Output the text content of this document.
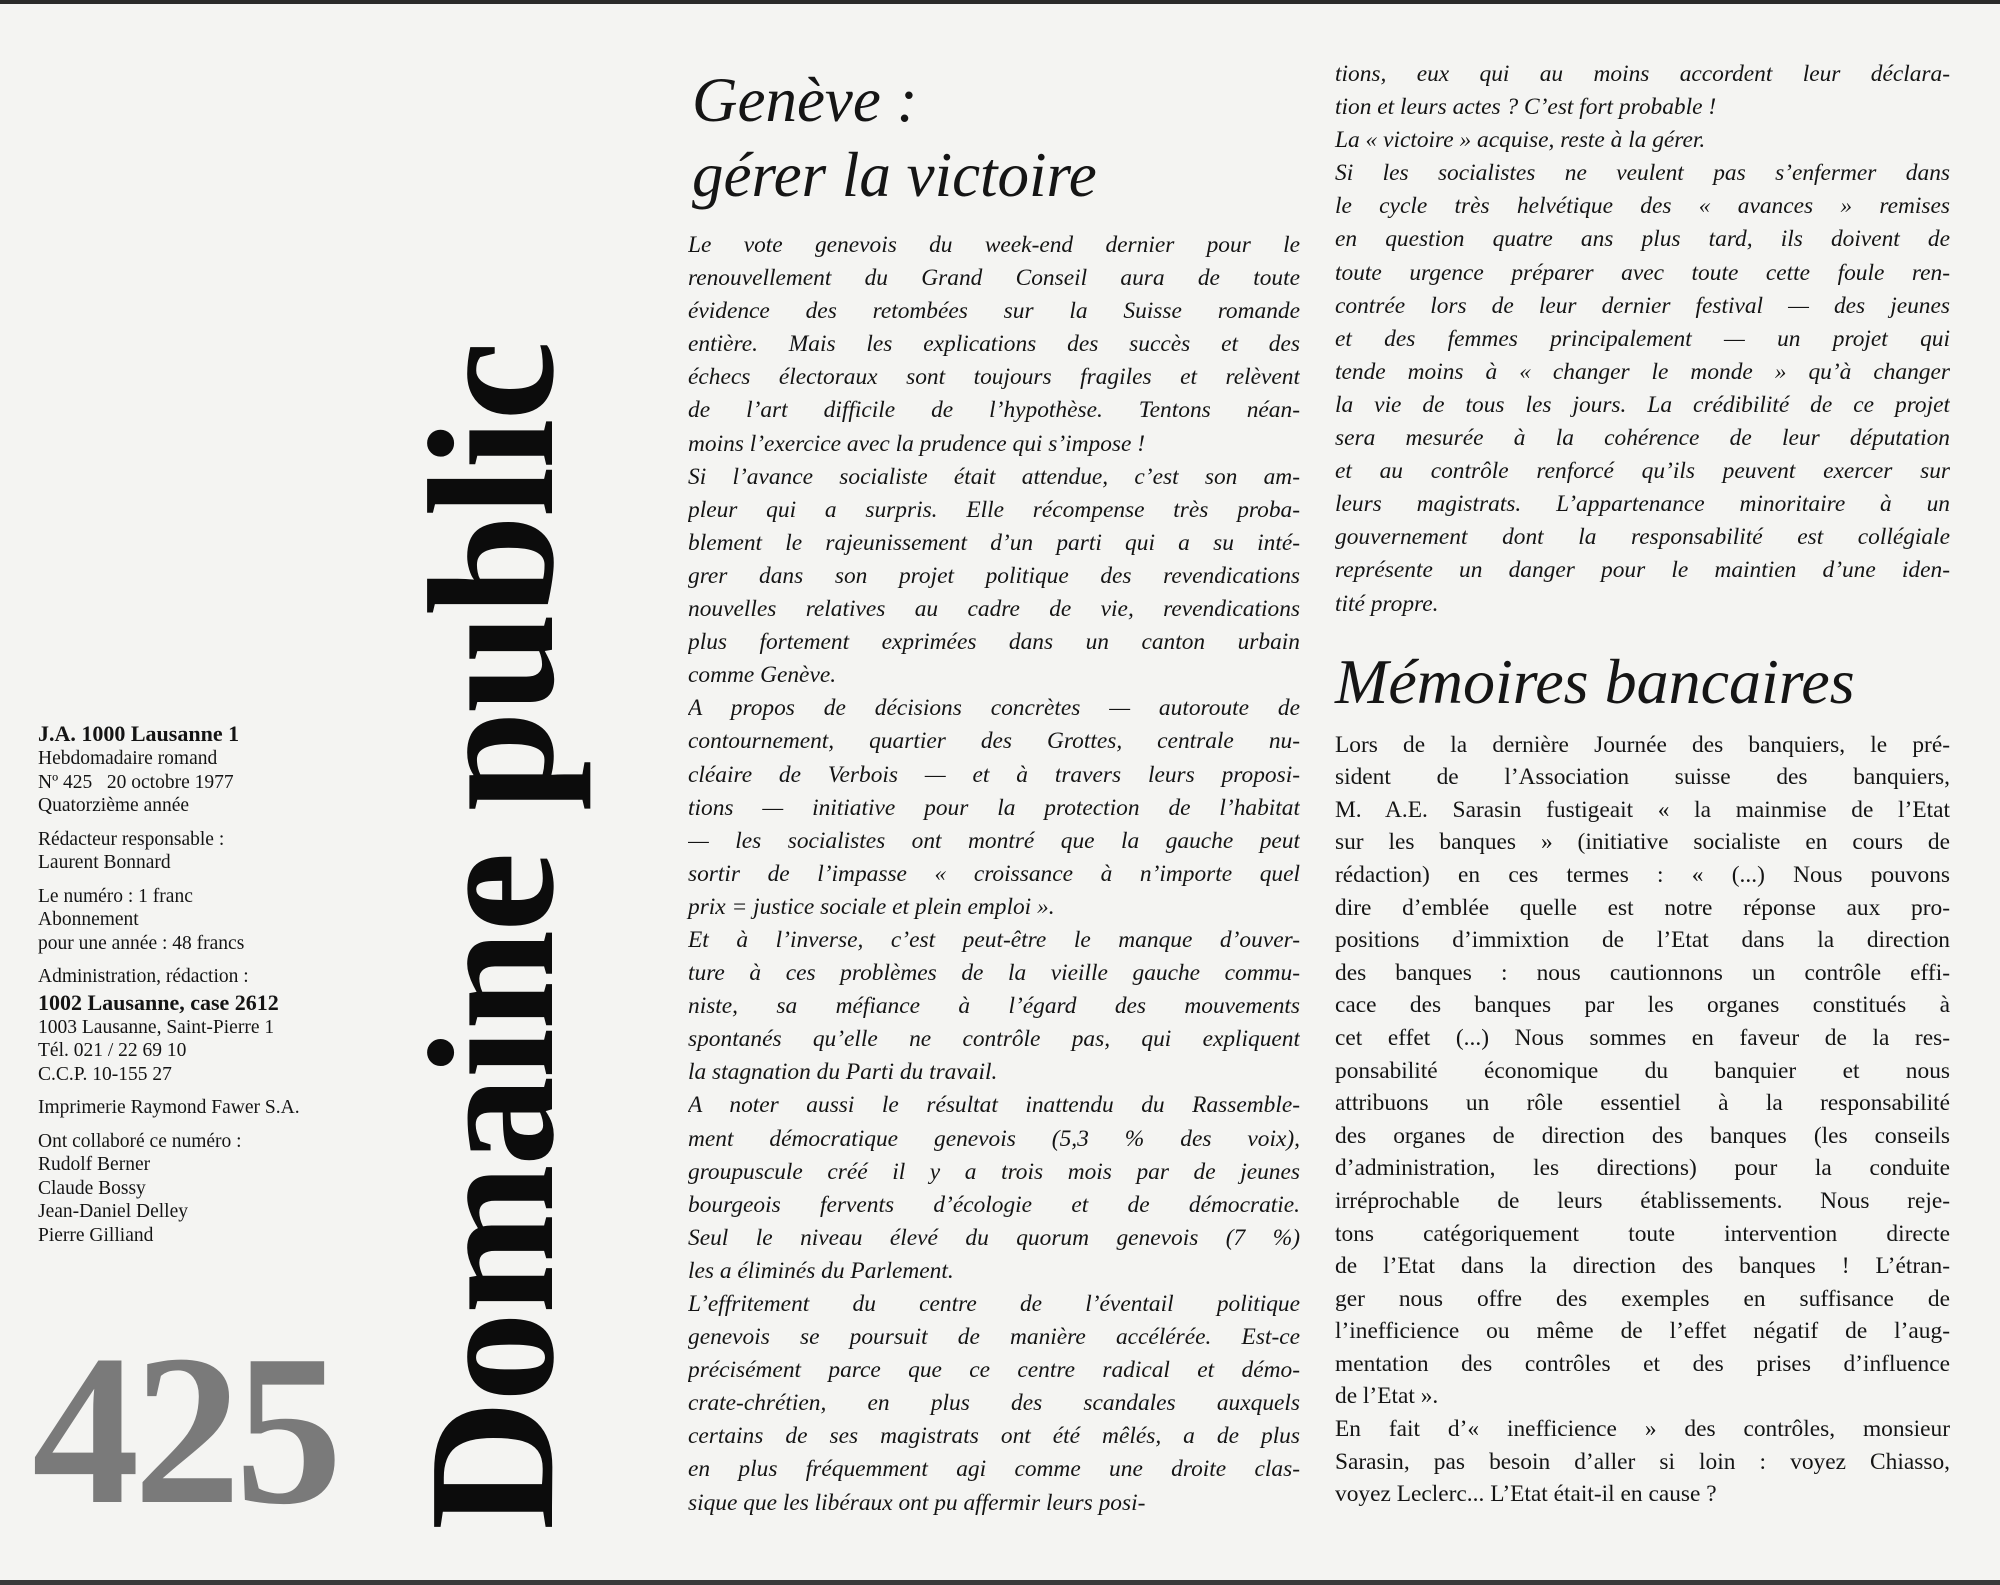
J.A. 1000 Lausanne 1
Hebdomadaire romand
Nº 425   20 octobre 1977
Quatorzième année
Rédacteur responsable :
Laurent Bonnard
Le numéro : 1 franc
Abonnement
pour une année : 48 francs
Administration, rédaction :
1002 Lausanne, case 2612
1003 Lausanne, Saint-Pierre 1
Tél. 021 / 22 69 10
C.C.P. 10-155 27
Imprimerie Raymond Fawer S.A.
Ont collaboré ce numéro :
Rudolf Berner
Claude Bossy
Jean-Daniel Delley
Pierre Gilliand
425 Domaine public
Genève :
gérer la victoire
Le vote genevois du week-end dernier pour le
renouvellement du Grand Conseil aura de toute
évidence des retombées sur la Suisse romande
entière. Mais les explications des succès et des
échecs électoraux sont toujours fragiles et relèvent
de l’art difficile de l’hypothèse. Tentons néan-
moins l’exercice avec la prudence qui s’impose !
Si l’avance socialiste était attendue, c’est son am-
pleur qui a surpris. Elle récompense très proba-
blement le rajeunissement d’un parti qui a su inté-
grer dans son projet politique des revendications
nouvelles relatives au cadre de vie, revendications
plus fortement exprimées dans un canton urbain
comme Genève.
A propos de décisions concrètes — autoroute de
contournement, quartier des Grottes, centrale nu-
cléaire de Verbois — et à travers leurs proposi-
tions — initiative pour la protection de l’habitat
— les socialistes ont montré que la gauche peut
sortir de l’impasse « croissance à n’importe quel
prix = justice sociale et plein emploi ».
Et à l’inverse, c’est peut-être le manque d’ouver-
ture à ces problèmes de la vieille gauche commu-
niste, sa méfiance à l’égard des mouvements
spontanés qu’elle ne contrôle pas, qui expliquent
la stagnation du Parti du travail.
A noter aussi le résultat inattendu du Rassemble-
ment démocratique genevois (5,3 % des voix),
groupuscule créé il y a trois mois par de jeunes
bourgeois fervents d’écologie et de démocratie.
Seul le niveau élevé du quorum genevois (7 %)
les a éliminés du Parlement.
L’effritement du centre de l’éventail politique
genevois se poursuit de manière accélérée. Est-ce
précisément parce que ce centre radical et démo-
crate-chrétien, en plus des scandales auxquels
certains de ses magistrats ont été mêlés, a de plus
en plus fréquemment agi comme une droite clas-
sique que les libéraux ont pu affermir leurs posi-
tions, eux qui au moins accordent leur déclara-
tion et leurs actes ? C’est fort probable !
La « victoire » acquise, reste à la gérer.
Si les socialistes ne veulent pas s’enfermer dans
le cycle très helvétique des « avances » remises
en question quatre ans plus tard, ils doivent de
toute urgence préparer avec toute cette foule ren-
contrée lors de leur dernier festival — des jeunes
et des femmes principalement — un projet qui
tende moins à « changer le monde » qu’à changer
la vie de tous les jours. La crédibilité de ce projet
sera mesurée à la cohérence de leur députation
et au contrôle renforcé qu’ils peuvent exercer sur
leurs magistrats. L’appartenance minoritaire à un
gouvernement dont la responsabilité est collégiale
représente un danger pour le maintien d’une iden-
tité propre.
Mémoires bancaires
Lors de la dernière Journée des banquiers, le pré-
sident de l’Association suisse des banquiers,
M. A.E. Sarasin fustigeait « la mainmise de l’Etat
sur les banques » (initiative socialiste en cours de
rédaction) en ces termes : « (...) Nous pouvons
dire d’emblée quelle est notre réponse aux pro-
positions d’immixtion de l’Etat dans la direction
des banques : nous cautionnons un contrôle effi-
cace des banques par les organes constitués à
cet effet (...) Nous sommes en faveur de la res-
ponsabilité économique du banquier et nous
attribuons un rôle essentiel à la responsabilité
des organes de direction des banques (les conseils
d’administration, les directions) pour la conduite
irréprochable de leurs établissements. Nous reje-
tons catégoriquement toute intervention directe
de l’Etat dans la direction des banques ! L’étran-
ger nous offre des exemples en suffisance de
l’inefficience ou même de l’effet négatif de l’aug-
mentation des contrôles et des prises d’influence
de l’Etat ».
En fait d’« inefficience » des contrôles, monsieur
Sarasin, pas besoin d’aller si loin : voyez Chiasso,
voyez Leclerc... L’Etat était-il en cause ?
